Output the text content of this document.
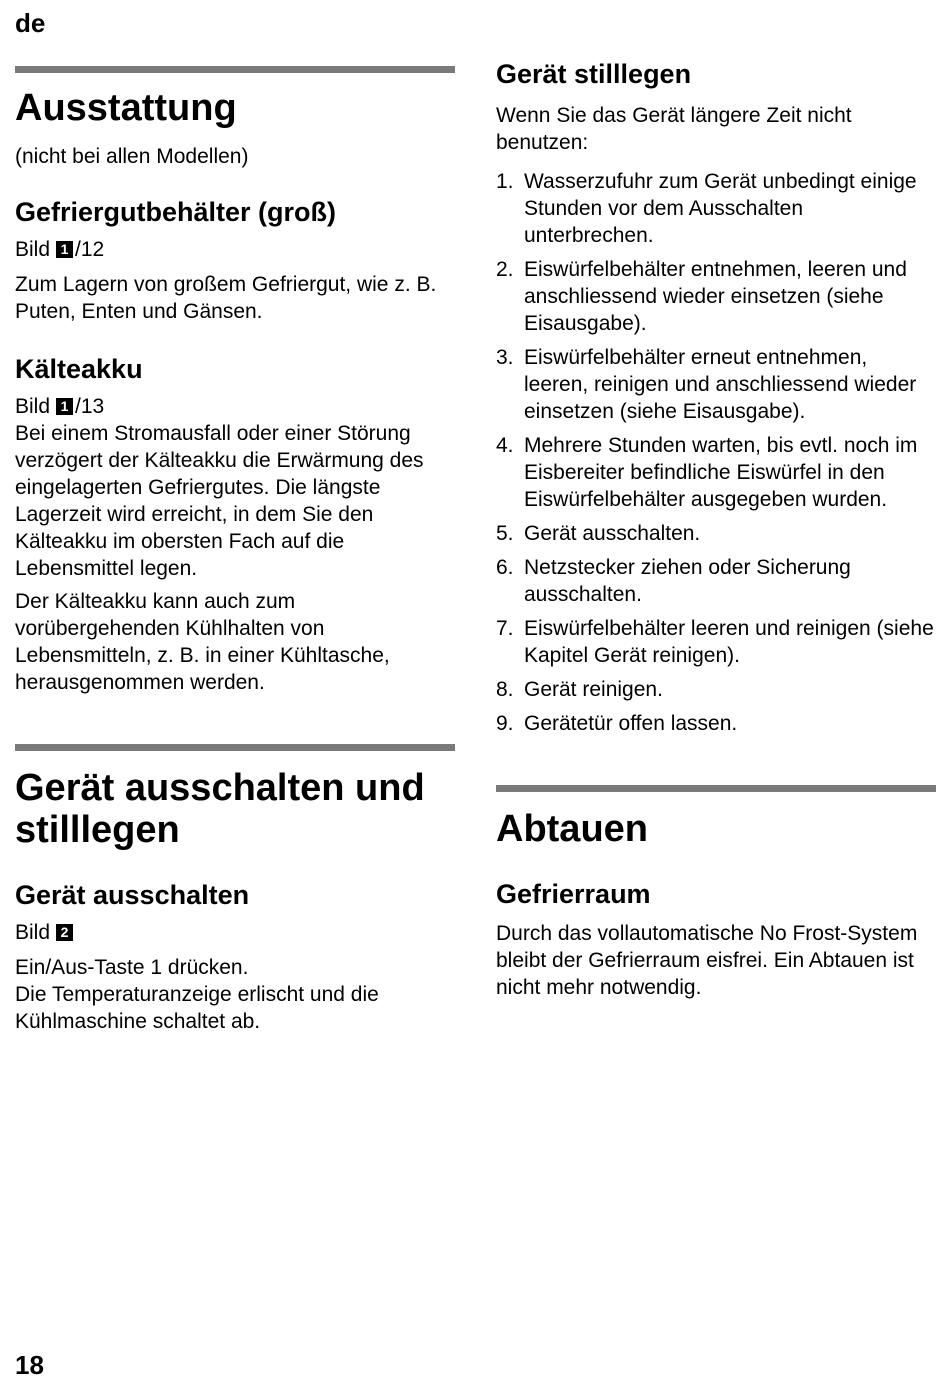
de
Ausstattung

(nicht bei allen Modellen)

Gefriergutbehälter (groß)

Bild 1 /12

Zum Lagern von großem Gefriergut, wie z. B. Puten, Enten und Gänsen.

Kälteakku

Bild 1 /13

Bei einem Stromausfall oder einer Störung verzögert der Kälteakku die Erwärmung des eingelagerten Gefriergutes. Die längste Lagerzeit wird erreicht, in dem Sie den Kälteakku im obersten Fach auf die Lebensmittel legen.

Der Kälteakku kann auch zum vorübergehenden Kühlhalten von Lebensmitteln, z. B. in einer Kühltasche, herausgenommen werden.

Gerät ausschalten und stilllegen
Gerät ausschalten

Bild 2

Ein/Aus-Taste 1 drücken.
Die Temperaturanzeige erlischt und die Kühlmaschine schaltet ab.

Gerät stilllegen

Wenn Sie das Gerät längere Zeit nicht benutzen:

1. Wasserzufuhr zum Gerät unbedingt einige Stunden vor dem Ausschalten unterbrechen.
2. Eiswürfelbehälter entnehmen, leeren und anschliessend wieder einsetzen (siehe Eisausgabe).
3. Eiswürfelbehälter erneut entnehmen, leeren, reinigen und anschliessend wieder einsetzen (siehe Eisausgabe).
4. Mehrere Stunden warten, bis evtl. noch im Eisbereiter befindliche Eiswürfel in den Eiswürfelbehälter ausgegeben wurden.
5. Gerät ausschalten.
6. Netzstecker ziehen oder Sicherung ausschalten.
7. Eiswürfelbehälter leeren und reinigen (siehe Kapitel Gerät reinigen).
8. Gerät reinigen.
9. Gerätetür offen lassen.
Abtauen
Gefrierraum

Durch das vollautomatische No Frost-System bleibt der Gefrierraum eisfrei. Ein Abtauen ist nicht mehr notwendig.

18
